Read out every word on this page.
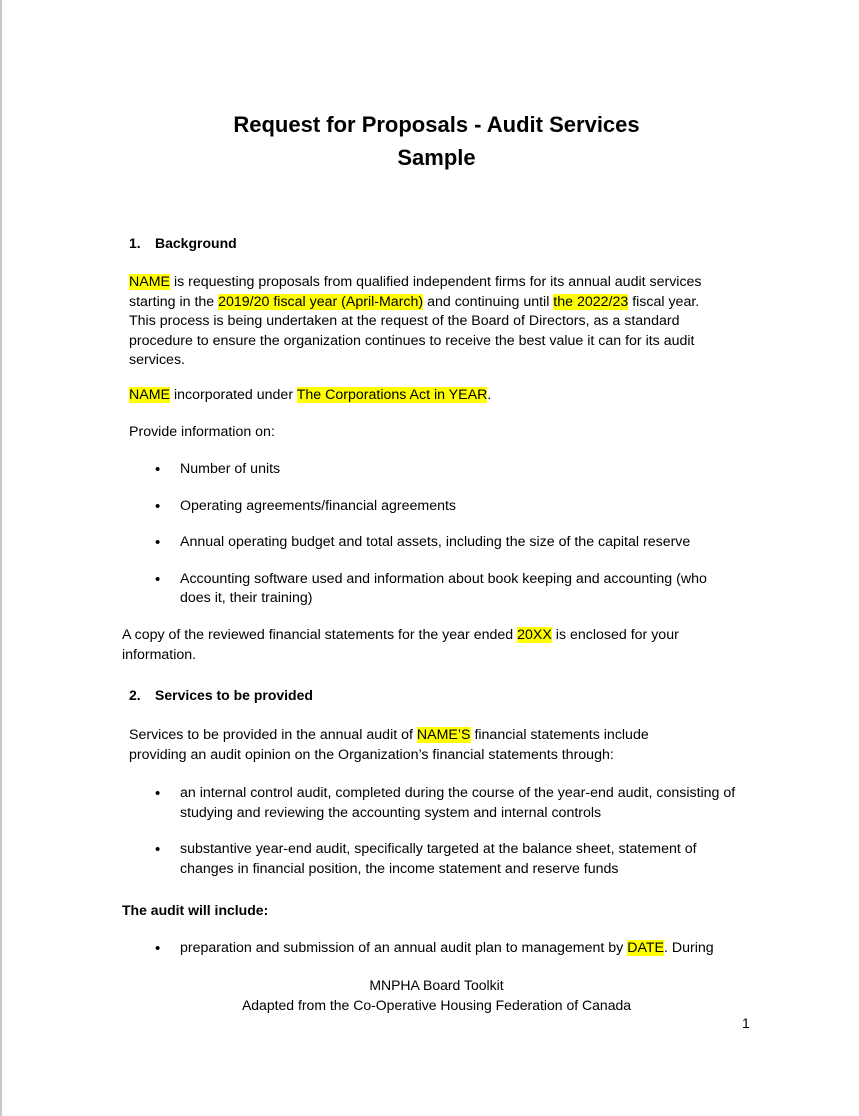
Request for Proposals - Audit Services
Sample
1. Background

NAME is requesting proposals from qualified independent firms for its annual audit services starting in the 2019/20 fiscal year (April-March) and continuing until the 2022/23 fiscal year. This process is being undertaken at the request of the Board of Directors, as a standard procedure to ensure the organization continues to receive the best value it can for its audit services.

NAME incorporated under The Corporations Act in YEAR.

Provide information on:

• Number of units
• Operating agreements/financial agreements
• Annual operating budget and total assets, including the size of the capital reserve
• Accounting software used and information about book keeping and accounting (who does it, their training)

A copy of the reviewed financial statements for the year ended 20XX is enclosed for your information.

2. Services to be provided

Services to be provided in the annual audit of NAME’S financial statements include providing an audit opinion on the Organization’s financial statements through:

• an internal control audit, completed during the course of the year-end audit, consisting of studying and reviewing the accounting system and internal controls
• substantive year-end audit, specifically targeted at the balance sheet, statement of changes in financial position, the income statement and reserve funds
The audit will include:
• preparation and submission of an annual audit plan to management by DATE. During
MNPHA Board Toolkit
Adapted from the Co-Operative Housing Federation of Canada
1
